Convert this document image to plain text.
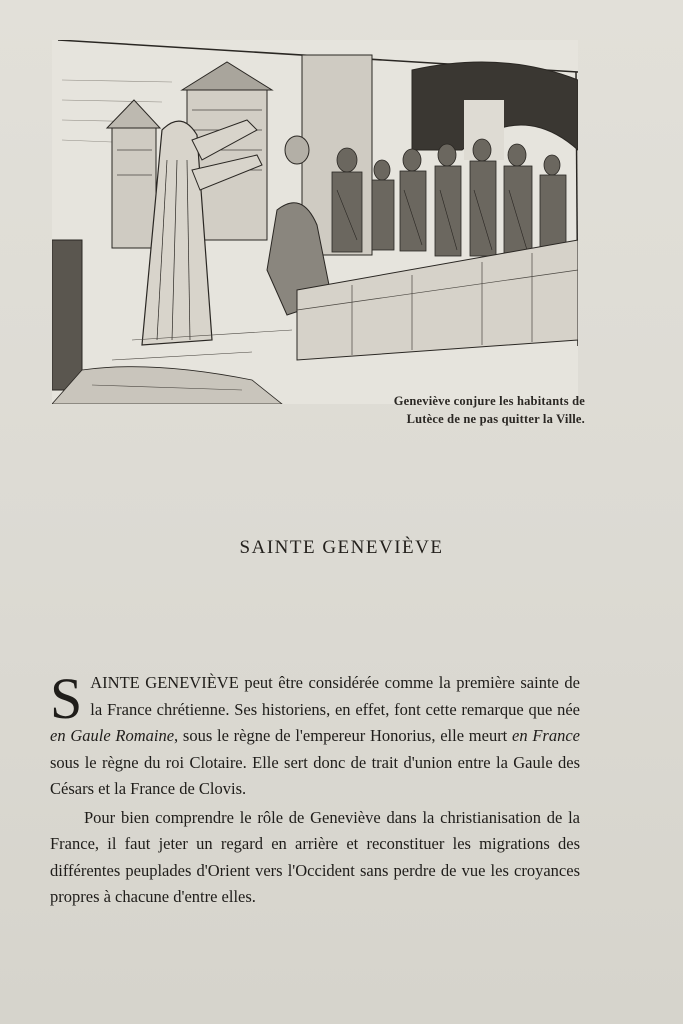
Geneviève conjure les habitants de
Lutèce de ne pas quitter la Ville.
SAINTE GENEVIÈVE

SAINTE GENEVIÈVE peut être considérée comme la première sainte de la France chrétienne. Ses historiens, en effet, font cette remarque que née en Gaule Romaine, sous le règne de l'empereur Honorius, elle meurt en France sous le règne du roi Clotaire. Elle sert donc de trait d'union entre la Gaule des Césars et la France de Clovis.

Pour bien comprendre le rôle de Geneviève dans la christianisation de la France, il faut jeter un regard en arrière et reconstituer les migrations des différentes peuplades d'Orient vers l'Occident sans perdre de vue les croyances propres à chacune d'entre elles.
